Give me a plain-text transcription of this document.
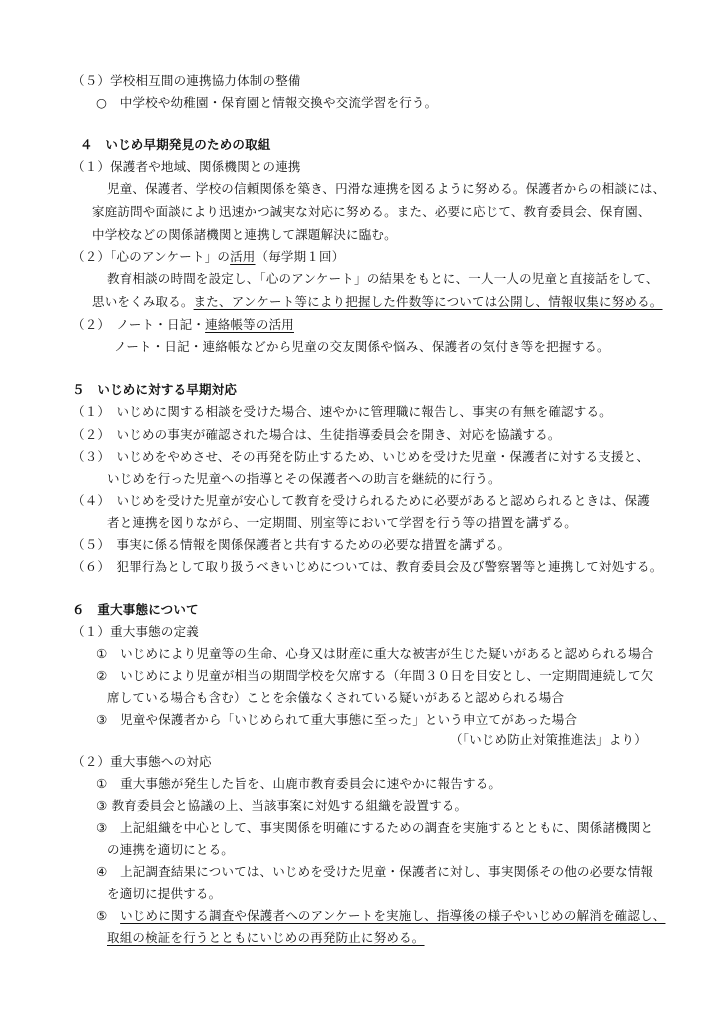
（５）学校相互間の連携協力体制の整備
○　中学校や幼稚園・保育園と情報交換や交流学習を行う。
４　いじめ早期発見のための取組
（１）保護者や地域、関係機関との連携
児童、保護者、学校の信頼関係を築き、円滑な連携を図るように努める。保護者からの相談には、
家庭訪問や面談により迅速かつ誠実な対応に努める。また、必要に応じて、教育委員会、保育園、
中学校などの関係諸機関と連携して課題解決に臨む。
（２）「心のアンケート」の活用（毎学期１回）
教育相談の時間を設定し、「心のアンケート」の結果をもとに、一人一人の児童と直接話をして、
思いをくみ取る。また、アンケート等により把握した件数等については公開し、情報収集に努める。
（２）　ノート・日記・連絡帳等の活用
ノート・日記・連絡帳などから児童の交友関係や悩み、保護者の気付き等を把握する。
５　いじめに対する早期対応
（１）　いじめに関する相談を受けた場合、速やかに管理職に報告し、事実の有無を確認する。
（２）　いじめの事実が確認された場合は、生徒指導委員会を開き、対応を協議する。
（３）　いじめをやめさせ、その再発を防止するため、いじめを受けた児童・保護者に対する支援と、
いじめを行った児童への指導とその保護者への助言を継続的に行う。
（４）　いじめを受けた児童が安心して教育を受けられるために必要があると認められるときは、保護
者と連携を図りながら、一定期間、別室等において学習を行う等の措置を講ずる。
（５）　事実に係る情報を関係保護者と共有するための必要な措置を講ずる。
（６）　犯罪行為として取り扱うべきいじめについては、教育委員会及び警察署等と連携して対処する。
６　重大事態について
（１）重大事態の定義
①　いじめにより児童等の生命、心身又は財産に重大な被害が生じた疑いがあると認められる場合
②　いじめにより児童が相当の期間学校を欠席する（年間３０日を目安とし、一定期間連続して欠
席している場合も含む）ことを余儀なくされている疑いがあると認められる場合
③　児童や保護者から「いじめられて重大事態に至った」という申立てがあった場合
（「いじめ防止対策推進法」より）
（２）重大事態への対応
①　重大事態が発生した旨を、山鹿市教育委員会に速やかに報告する。
③ 教育委員会と協議の上、当該事案に対処する組織を設置する。
③　上記組織を中心として、事実関係を明確にするための調査を実施するとともに、関係諸機関と
の連携を適切にとる。
④　上記調査結果については、いじめを受けた児童・保護者に対し、事実関係その他の必要な情報
を適切に提供する。
⑤　いじめに関する調査や保護者へのアンケートを実施し、指導後の様子やいじめの解消を確認し、
取組の検証を行うとともにいじめの再発防止に努める。
